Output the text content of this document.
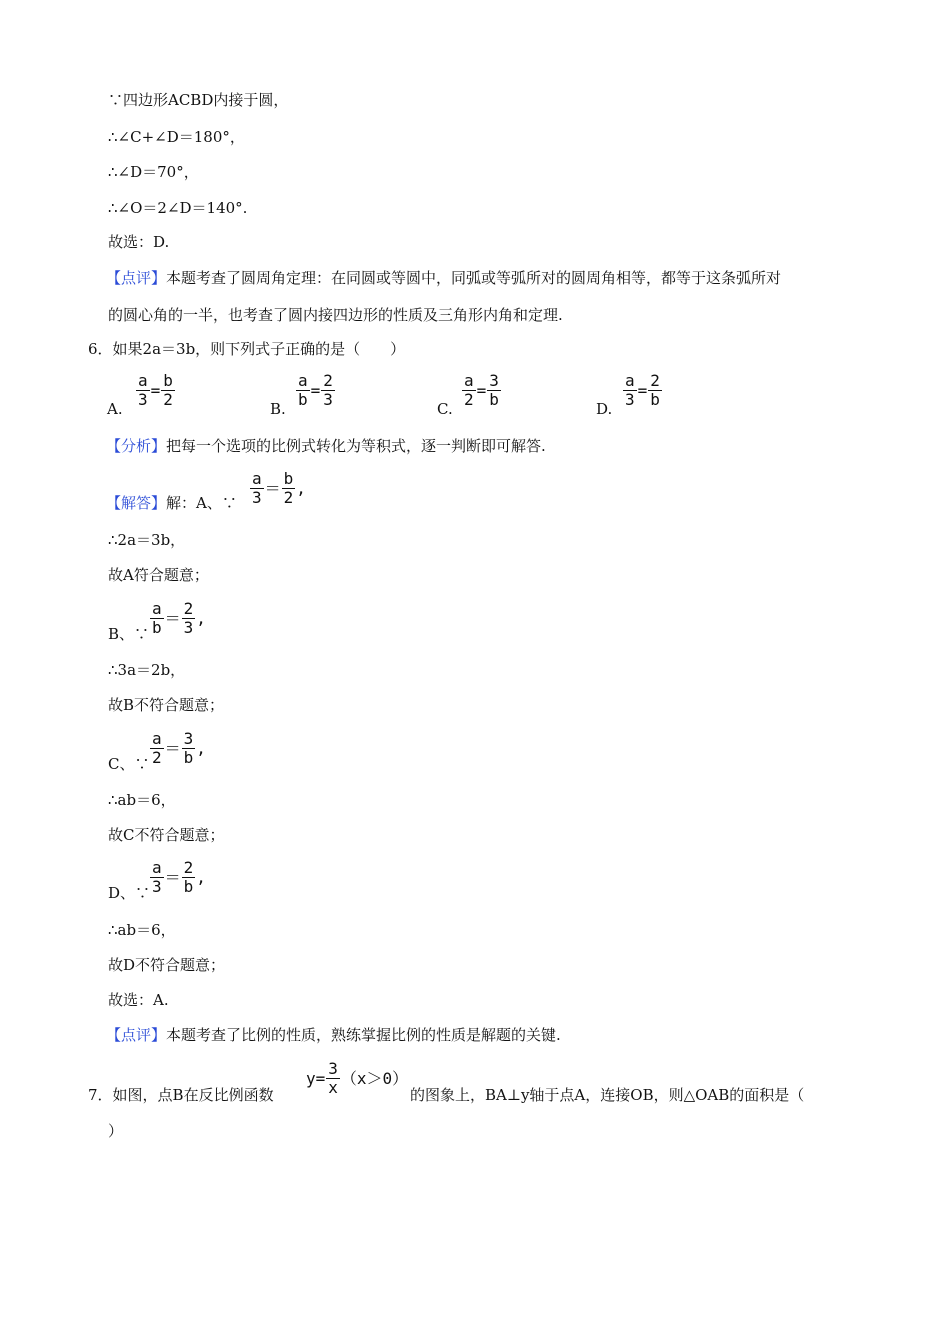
∵四边形ACBD内接于圆，
∴∠C+∠D＝180°，
∴∠D＝70°，
∴∠O＝2∠D＝140°.
故选：D.
【点评】本题考查了圆周角定理：在同圆或等圆中，同弧或等弧所对的圆周角相等，都等于这条弧所对
的圆心角的一半，也考查了圆内接四边形的性质及三角形内角和定理.
6．如果2a＝3b，则下列式子正确的是（　　）
A. $\frac{a}{3} = \frac{b}{2}$	B. $\frac{a}{b} = \frac{2}{3}$	C. $\frac{a}{2} = \frac{3}{b}$	D. $\frac{a}{3} = \frac{2}{b}$
【分析】把每一个选项的比例式转化为等积式，逐一判断即可解答.
【解答】解：A、∵ $\frac{a}{3} = \frac{b}{2}$ ,
∴2a＝3b，
故A符合题意；
B、∵ $\frac{a}{b} = \frac{2}{3}$ ,
∴3a＝2b，
故B不符合题意；
C、∵ $\frac{a}{2} = \frac{3}{b}$ ,
∴ab＝6，
故C不符合题意；
D、∵ $\frac{a}{3} = \frac{2}{b}$ ,
∴ab＝6，
故D不符合题意；
故选：A.
【点评】本题考查了比例的性质，熟练掌握比例的性质是解题的关键.
7．如图，点B在反比例函数
$y= \frac{3}{x} (x>0)$
的图象上，BA⊥y轴于点A，连接OB，则△OAB的面积是（
）
